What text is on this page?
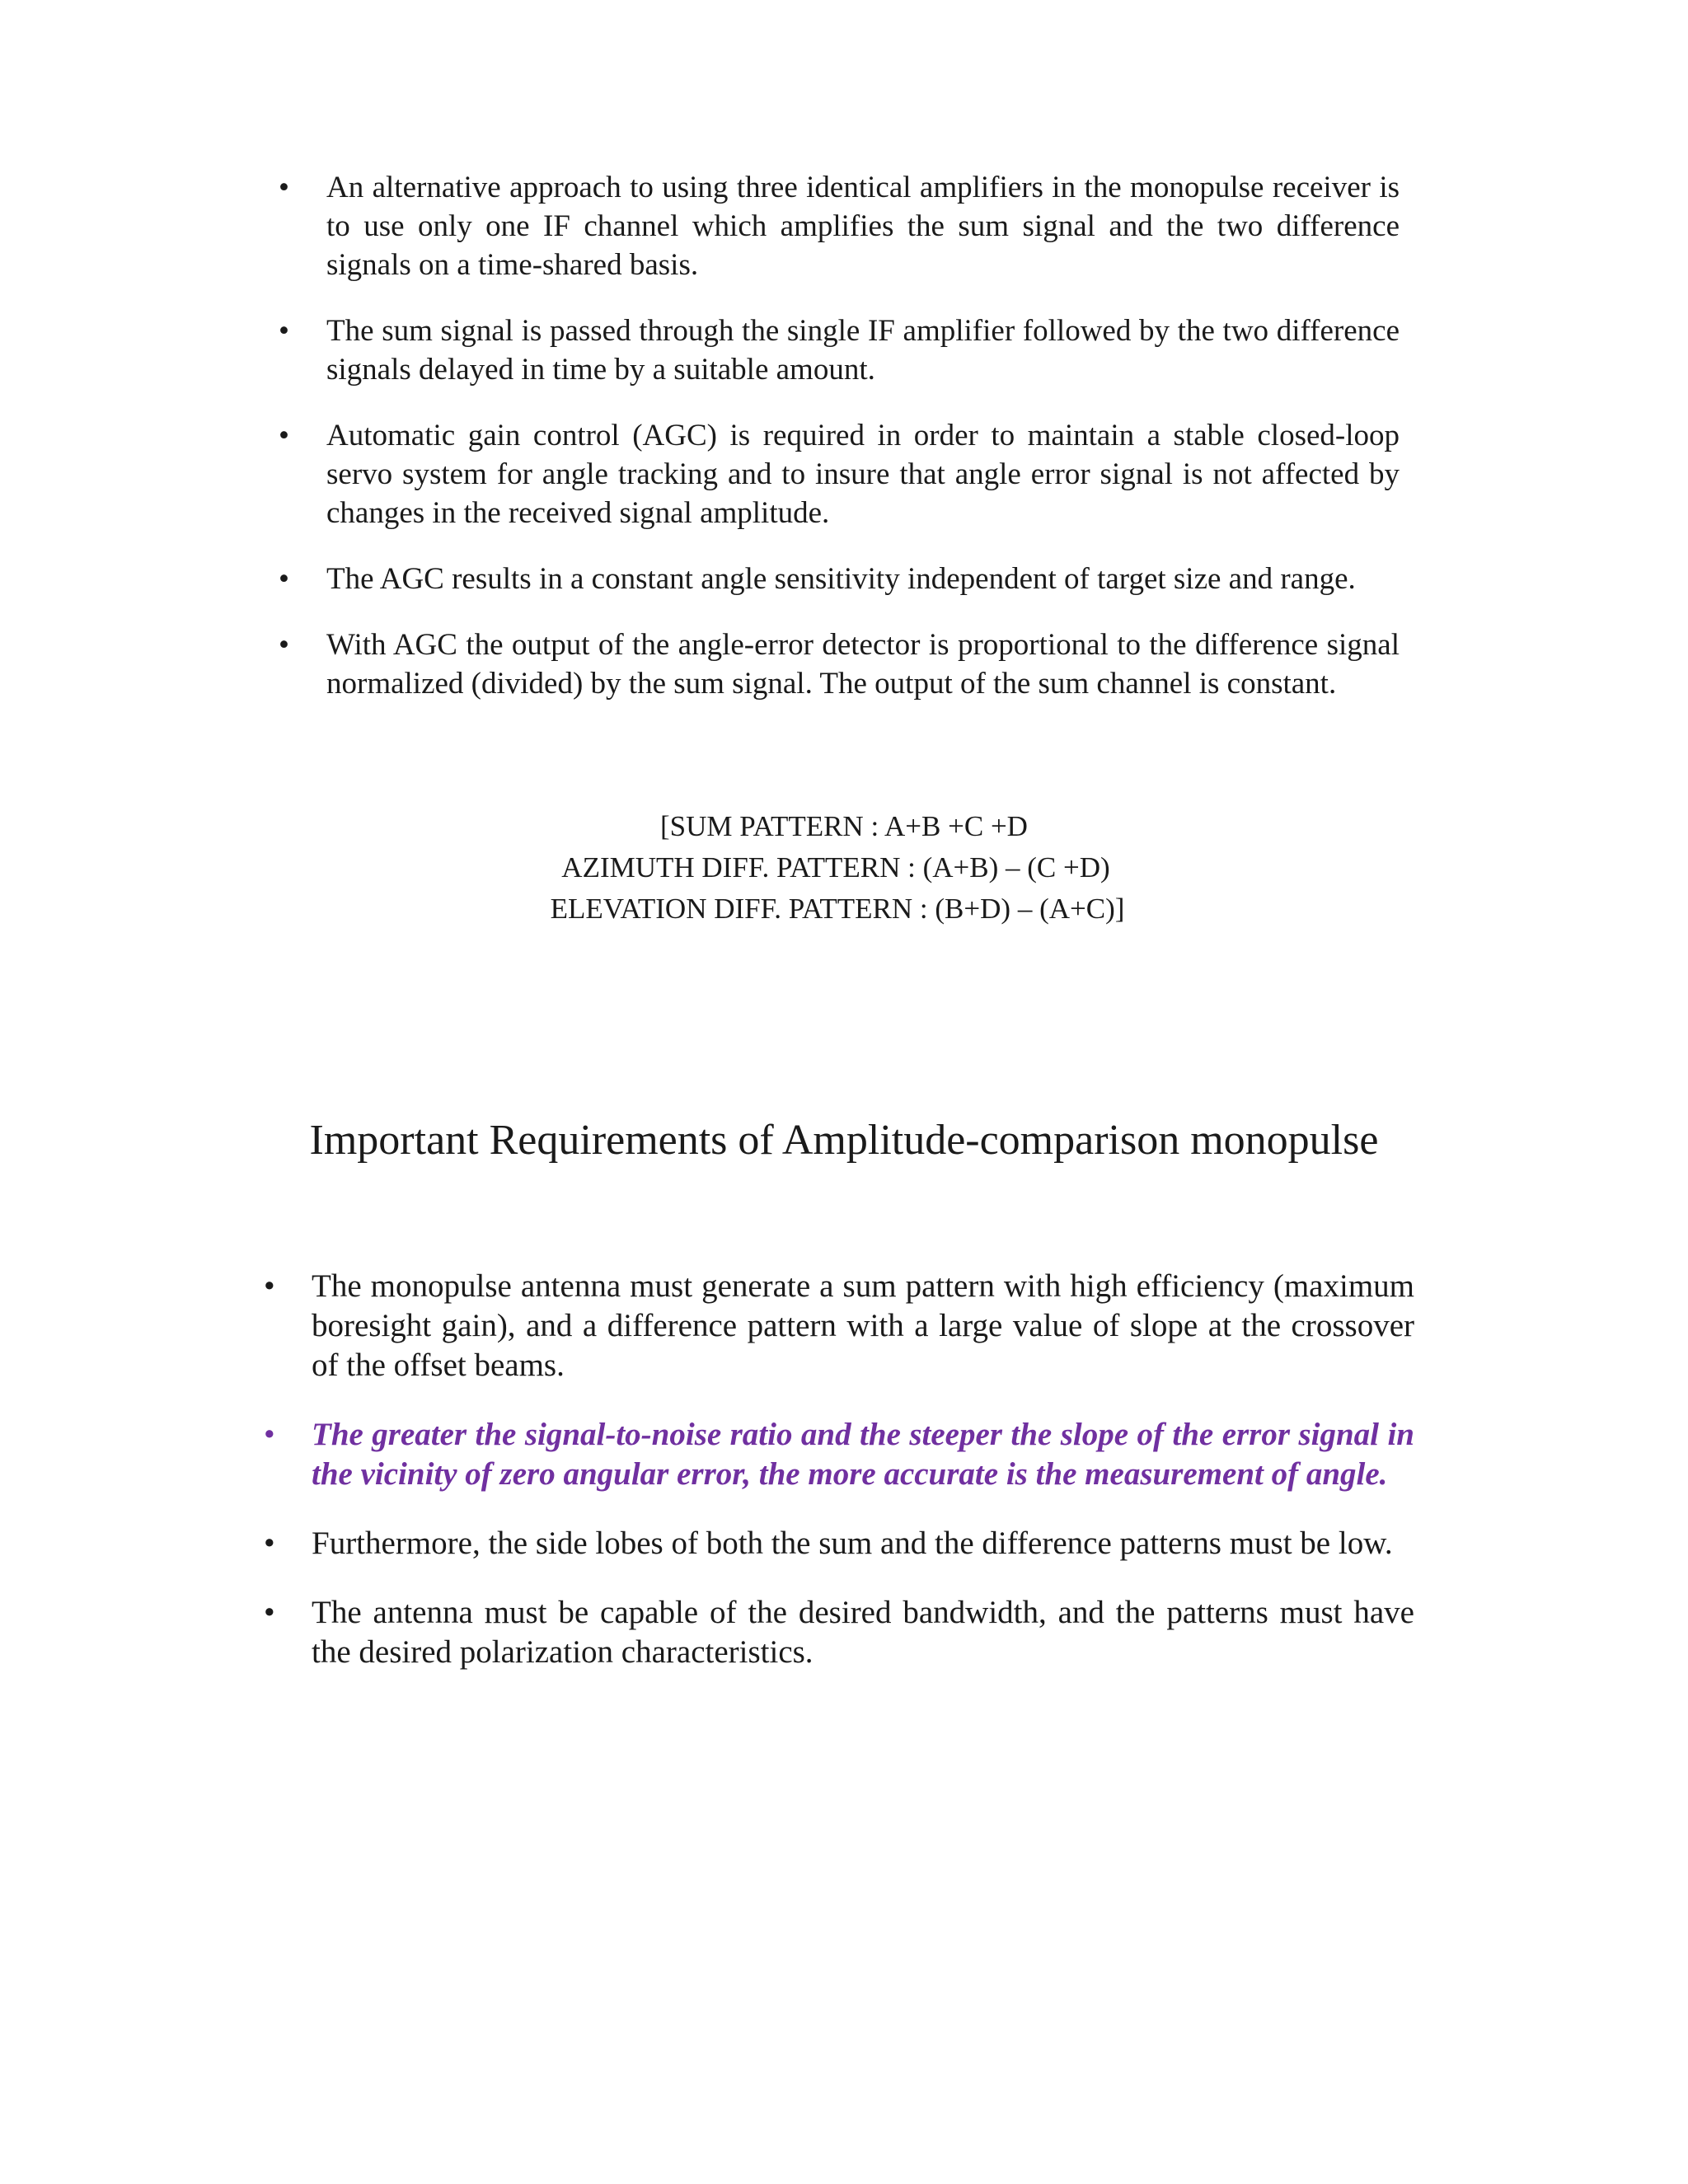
• An alternative approach to using three identical amplifiers in the monopulse receiver is to use only one IF channel which amplifies the sum signal and the two difference signals on a time-shared basis.
• The sum signal is passed through the single IF amplifier followed by the two difference signals delayed in time by a suitable amount.
• Automatic gain control (AGC) is required in order to maintain a stable closed-loop servo system for angle tracking and to insure that angle error signal is not affected by changes in the received signal amplitude.
• The AGC results in a constant angle sensitivity independent of target size and range.
• With AGC the output of the angle-error detector is proportional to the difference signal normalized (divided) by the sum signal. The output of the sum channel is constant.
[SUM PATTERN : A+B +C +D
AZIMUTH DIFF. PATTERN : (A+B) – (C +D)
ELEVATION DIFF. PATTERN : (B+D) – (A+C)]
Important Requirements of Amplitude-comparison monopulse
• The monopulse antenna must generate a sum pattern with high efficiency (maximum boresight gain), and a difference pattern with a large value of slope at the crossover of the offset beams.
• The greater the signal-to-noise ratio and the steeper the slope of the error signal in the vicinity of zero angular error, the more accurate is the measurement of angle.
• Furthermore, the side lobes of both the sum and the difference patterns must be low.
• The antenna must be capable of the desired bandwidth, and the patterns must have the desired polarization characteristics.
